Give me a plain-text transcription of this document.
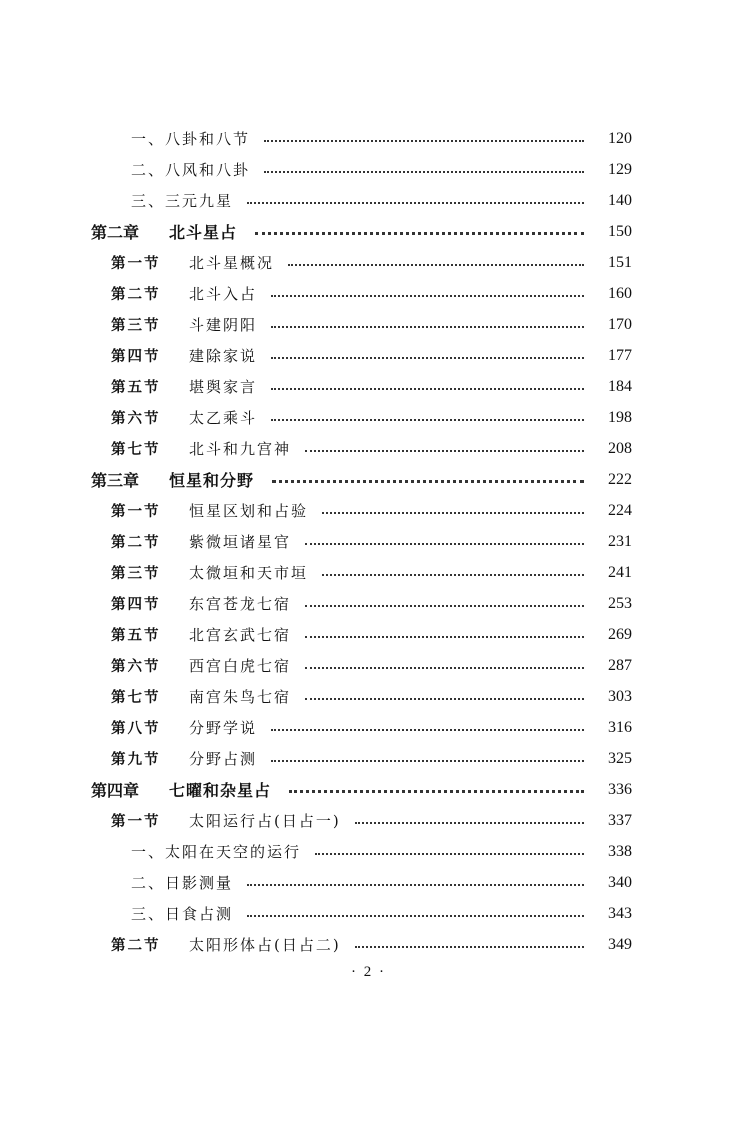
一、八卦和八节	120
二、八风和八卦	129
三、三元九星	140
第二章	北斗星占	150
第一节	北斗星概况	151
第二节	北斗入占	160
第三节	斗建阴阳	170
第四节	建除家说	177
第五节	堪舆家言	184
第六节	太乙乘斗	198
第七节	北斗和九宫神	208
第三章	恒星和分野	222
第一节	恒星区划和占验	224
第二节	紫微垣诸星官	231
第三节	太微垣和天市垣	241
第四节	东宫苍龙七宿	253
第五节	北宫玄武七宿	269
第六节	西宫白虎七宿	287
第七节	南宫朱鸟七宿	303
第八节	分野学说	316
第九节	分野占测	325
第四章	七曜和杂星占	336
第一节	太阳运行占(日占一)	337
一、太阳在天空的运行	338
二、日影测量	340
三、日食占测	343
第二节	太阳形体占(日占二)	349
· 2 ·
